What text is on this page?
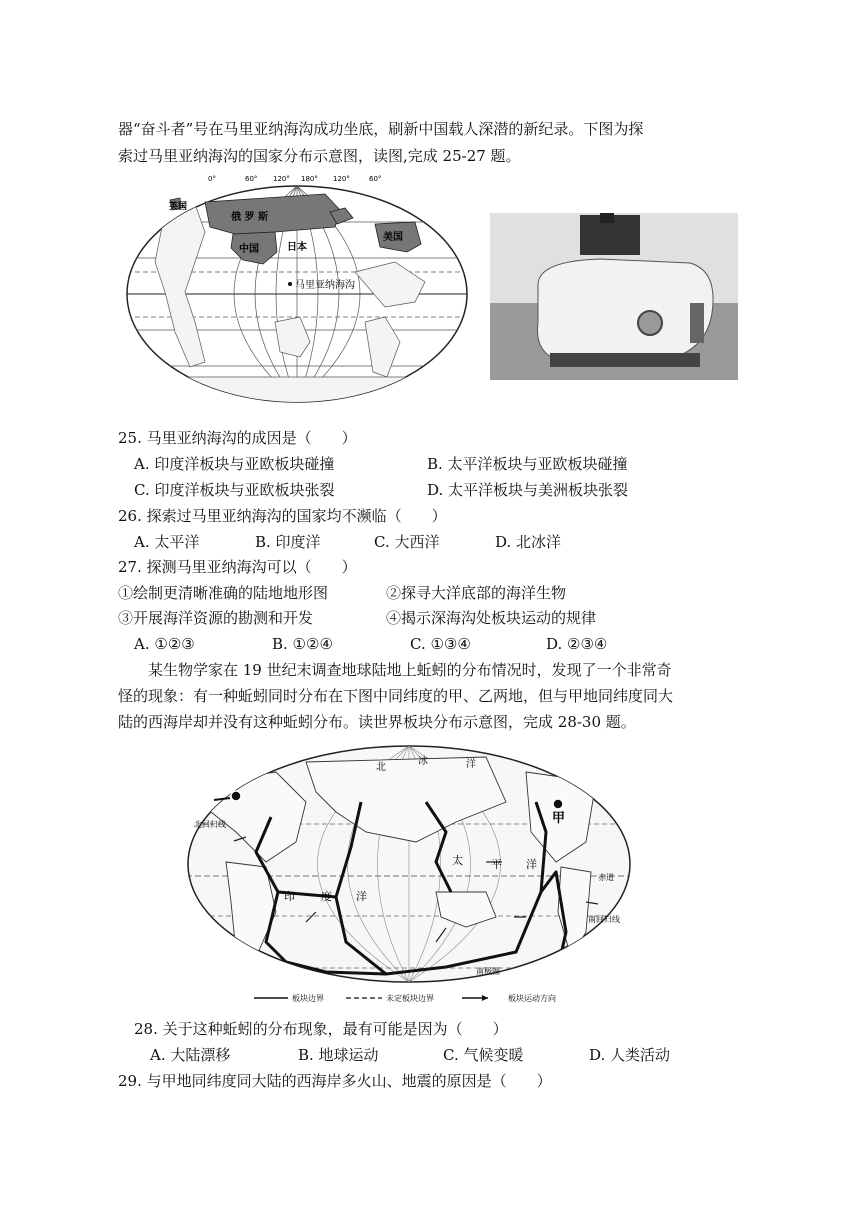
器“奋斗者”号在马里亚纳海沟成功坐底，刷新中国载人深潜的新纪录。下图为探
索过马里亚纳海沟的国家分布示意图，读图,完成 25-27 题。
0°	60° 120° 180° 120°	60°
英国
俄 罗 斯
中国	日本
美国
马里亚纳海沟
25. 马里亚纳海沟的成因是（　　）
A. 印度洋板块与亚欧板块碰撞	B. 太平洋板块与亚欧板块碰撞
C. 印度洋板块与亚欧板块张裂	D. 太平洋板块与美洲板块张裂
26. 探索过马里亚纳海沟的国家均不濒临（　　）
A. 太平洋	B. 印度洋	C. 大西洋	D. 北冰洋
27. 探测马里亚纳海沟可以（　　）
①绘制更清晰准确的陆地地形图	②探寻大洋底部的海洋生物
③开展海洋资源的勘测和开发	④揭示深海沟处板块运动的规律
A. ①②③	B. ①②④	C. ①③④	D. ②③④
某生物学家在 19 世纪末调查地球陆地上蚯蚓的分布情况时，发现了一个非常奇
怪的现象：有一种蚯蚓同时分布在下图中同纬度的甲、乙两地，但与甲地同纬度同大
陆的西海岸却并没有这种蚯蚓分布。读世界板块分布示意图，完成 28-30 题。
甲
北
冰	洋
北回归线
印 度 洋
太	平 洋
赤道
南回归线
南极圈
板块边界	未定板块边界	板块运动方向
28. 关于这种蚯蚓的分布现象，最有可能是因为（　　）
A. 大陆漂移	B. 地球运动	C. 气候变暖	D. 人类活动
29. 与甲地同纬度同大陆的西海岸多火山、地震的原因是（　　）
